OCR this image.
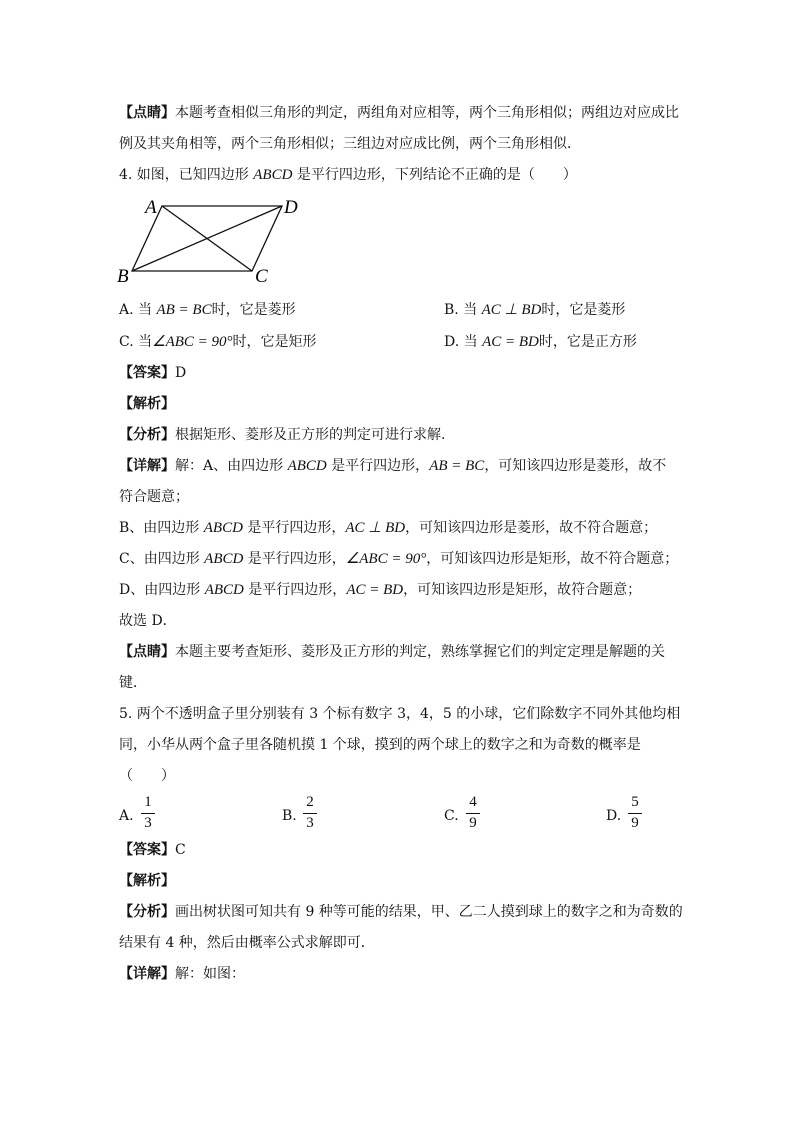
【点睛】本题考查相似三角形的判定，两组角对应相等，两个三角形相似；两组边对应成比
例及其夹角相等，两个三角形相似；三组边对应成比例，两个三角形相似．
4. 如图，已知四边形 ABCD 是平行四边形，下列结论不正确的是（　　）
A	D
B	C
A. 当 AB = BC时，它是菱形	B. 当 AC ⊥ BD时，它是菱形
C. 当∠ABC = 90°时，它是矩形	D. 当 AC = BD时，它是正方形
【答案】D
【解析】
【分析】根据矩形、菱形及正方形的判定可进行求解．
【详解】解：A、由四边形 ABCD 是平行四边形，AB = BC，可知该四边形是菱形，故不
符合题意；
B、由四边形 ABCD 是平行四边形，AC ⊥ BD，可知该四边形是菱形，故不符合题意；
C、由四边形 ABCD 是平行四边形，∠ABC = 90°，可知该四边形是矩形，故不符合题意；
D、由四边形 ABCD 是平行四边形，AC = BD，可知该四边形是矩形，故符合题意；
故选 D．
【点睛】本题主要考查矩形、菱形及正方形的判定，熟练掌握它们的判定定理是解题的关
键．
5. 两个不透明盒子里分别装有 3 个标有数字 3，4，5 的小球，它们除数字不同外其他均相
同，小华从两个盒子里各随机摸 1 个球，摸到的两个球上的数字之和为奇数的概率是
（　　）
A.
1
3	B.
2
3	C.
4
9	D.
5
9
【答案】C
【解析】
【分析】画出树状图可知共有 9 种等可能的结果，甲、乙二人摸到球上的数字之和为奇数的
结果有 4 种，然后由概率公式求解即可．
【详解】解：如图：
